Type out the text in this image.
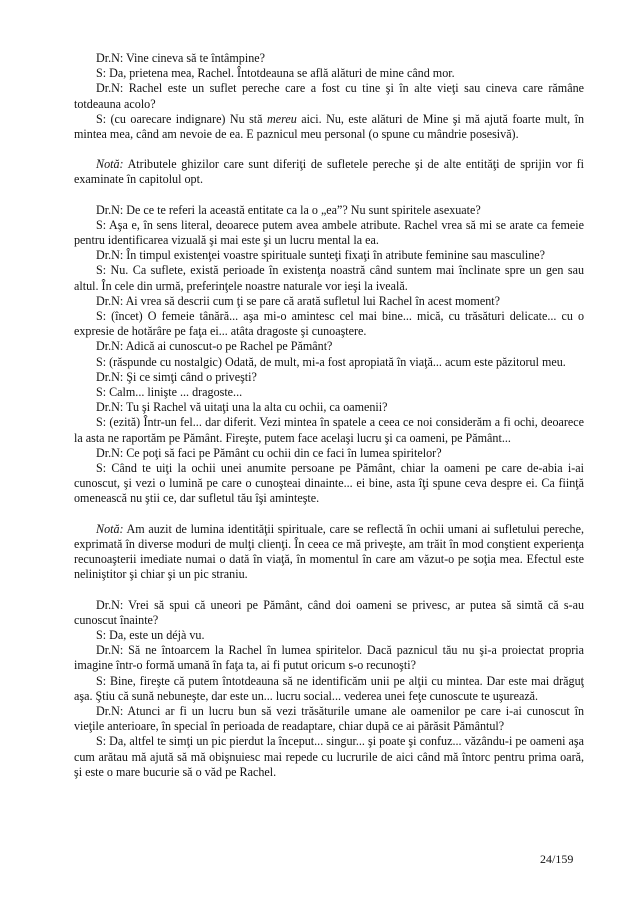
Dr.N: Vine cineva să te întâmpine?

S: Da, prietena mea, Rachel. Întotdeauna se află alături de mine când mor.

Dr.N: Rachel este un suflet pereche care a fost cu tine şi în alte vieţi sau cineva care rămâne totdeauna acolo?

S: (cu oarecare indignare) Nu stă mereu aici. Nu, este alături de Mine şi mă ajută foarte mult, în mintea mea, când am nevoie de ea. E paznicul meu personal (o spune cu mândrie posesivă).

Notă: Atributele ghizilor care sunt diferiţi de sufletele pereche şi de alte entităţi de sprijin vor fi examinate în capitolul opt.

Dr.N: De ce te referi la această entitate ca la o „ea”? Nu sunt spiritele asexuate?

S: Aşa e, în sens literal, deoarece putem avea ambele atribute. Rachel vrea să mi se arate ca femeie pentru identificarea vizuală şi mai este şi un lucru mental la ea.

Dr.N: În timpul existenţei voastre spirituale sunteţi fixaţi în atribute feminine sau masculine?

S: Nu. Ca suflete, există perioade în existenţa noastră când suntem mai înclinate spre un gen sau altul. În cele din urmă, preferinţele noastre naturale vor ieşi la iveală.

Dr.N: Ai vrea să descrii cum ţi se pare că arată sufletul lui Rachel în acest moment?

S: (încet) O femeie tânără... aşa mi-o amintesc cel mai bine... mică, cu trăsături delicate... cu o expresie de hotărâre pe faţa ei... atâta dragoste şi cunoaştere.

Dr.N: Adică ai cunoscut-o pe Rachel pe Pământ?

S: (răspunde cu nostalgic) Odată, de mult, mi-a fost apropiată în viaţă... acum este păzitorul meu.

Dr.N: Şi ce simţi când o priveşti?

S: Calm... linişte ... dragoste...

Dr.N: Tu şi Rachel vă uitaţi una la alta cu ochii, ca oamenii?

S: (ezită) Într-un fel... dar diferit. Vezi mintea în spatele a ceea ce noi considerăm a fi ochi, deoarece la asta ne raportăm pe Pământ. Fireşte, putem face acelaşi lucru şi ca oameni, pe Pământ...

Dr.N: Ce poţi să faci pe Pământ cu ochii din ce faci în lumea spiritelor?

S: Când te uiţi la ochii unei anumite persoane pe Pământ, chiar la oameni pe care de-abia i-ai cunoscut, şi vezi o lumină pe care o cunoşteai dinainte... ei bine, asta îţi spune ceva despre ei. Ca fiinţă omenească nu ştii ce, dar sufletul tău îşi aminteşte.

Notă: Am auzit de lumina identităţii spirituale, care se reflectă în ochii umani ai sufletului pereche, exprimată în diverse moduri de mulţi clienţi. În ceea ce mă priveşte, am trăit în mod conştient experienţa recunoaşterii imediate numai o dată în viaţă, în momentul în care am văzut-o pe soţia mea. Efectul este neliniştitor şi chiar şi un pic straniu.

Dr.N: Vrei să spui că uneori pe Pământ, când doi oameni se privesc, ar putea să simtă că s-au cunoscut înainte?

S: Da, este un déjà vu.

Dr.N: Să ne întoarcem la Rachel în lumea spiritelor. Dacă paznicul tău nu şi-a proiectat propria imagine într-o formă umană în faţa ta, ai fi putut oricum s-o recunoşti?

S: Bine, fireşte că putem întotdeauna să ne identificăm unii pe alţii cu mintea. Dar este mai drăguţ aşa. Ştiu că sună nebuneşte, dar este un... lucru social... vederea unei feţe cunoscute te uşurează.

Dr.N: Atunci ar fi un lucru bun să vezi trăsăturile umane ale oamenilor pe care i-ai cunoscut în vieţile anterioare, în special în perioada de readaptare, chiar după ce ai părăsit Pământul?

S: Da, altfel te simţi un pic pierdut la început... singur... şi poate şi confuz... văzându-i pe oameni aşa cum arătau mă ajută să mă obişnuiesc mai repede cu lucrurile de aici când mă întorc pentru prima oară, şi este o mare bucurie să o văd pe Rachel.

24/159
